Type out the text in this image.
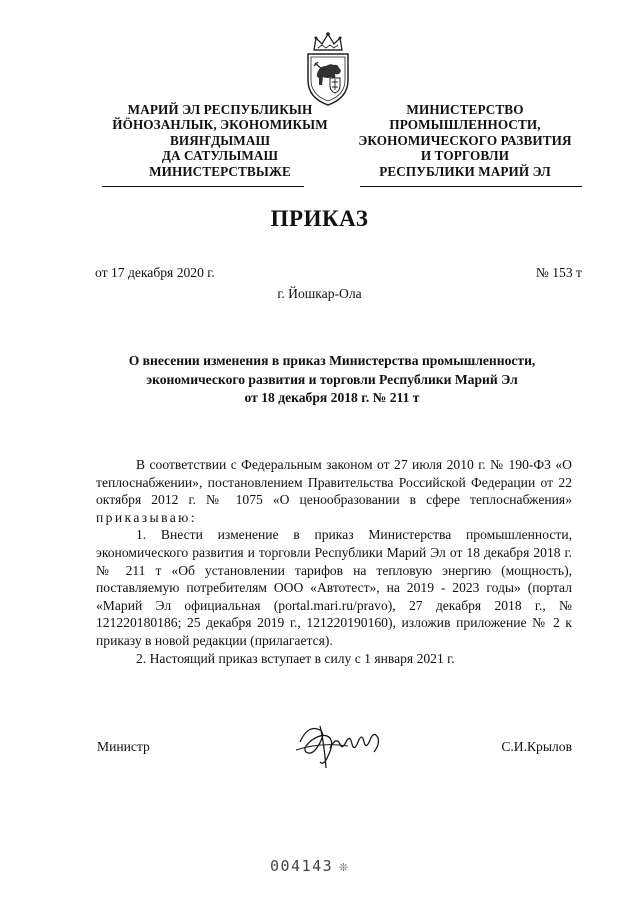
МАРИЙ ЭЛ РЕСПУБЛИКЫН
ЙӦНОЗАНЛЫК, ЭКОНОМИКЫМ
ВИЯҤДЫМАШ
ДА САТУЛЫМАШ
МИНИСТЕРСТВЫЖЕ
МИНИСТЕРСТВО
ПРОМЫШЛЕННОСТИ,
ЭКОНОМИЧЕСКОГО РАЗВИТИЯ
И ТОРГОВЛИ
РЕСПУБЛИКИ МАРИЙ ЭЛ
ПРИКАЗ
от 17 декабря 2020 г.	№ 153 т
г. Йошкар-Ола
О внесении изменения в приказ Министерства промышленности,
экономического развития и торговли Республики Марий Эл
от 18 декабря 2018 г. № 211 т

В соответствии с Федеральным законом от 27 июля 2010 г. № 190-ФЗ «О теплоснабжении», постановлением Правительства Российской Федерации от 22 октября 2012 г. № 1075 «О ценообразовании в сфере теплоснабжения» приказываю:

1. Внести изменение в приказ Министерства промышленности, экономического развития и торговли Республики Марий Эл от 18 декабря 2018 г. № 211 т «Об установлении тарифов на тепловую энергию (мощность), поставляемую потребителям ООО «Автотест», на 2019 - 2023 годы» (портал «Марий Эл официальная (portal.mari.ru/pravo), 27 декабря 2018 г., № 121220180186; 25 декабря 2019 г., 121220190160), изложив приложение № 2 к приказу в новой редакции (прилагается).

2. Настоящий приказ вступает в силу с 1 января 2021 г.

Министр	С.И.Крылов
004143 ❊
